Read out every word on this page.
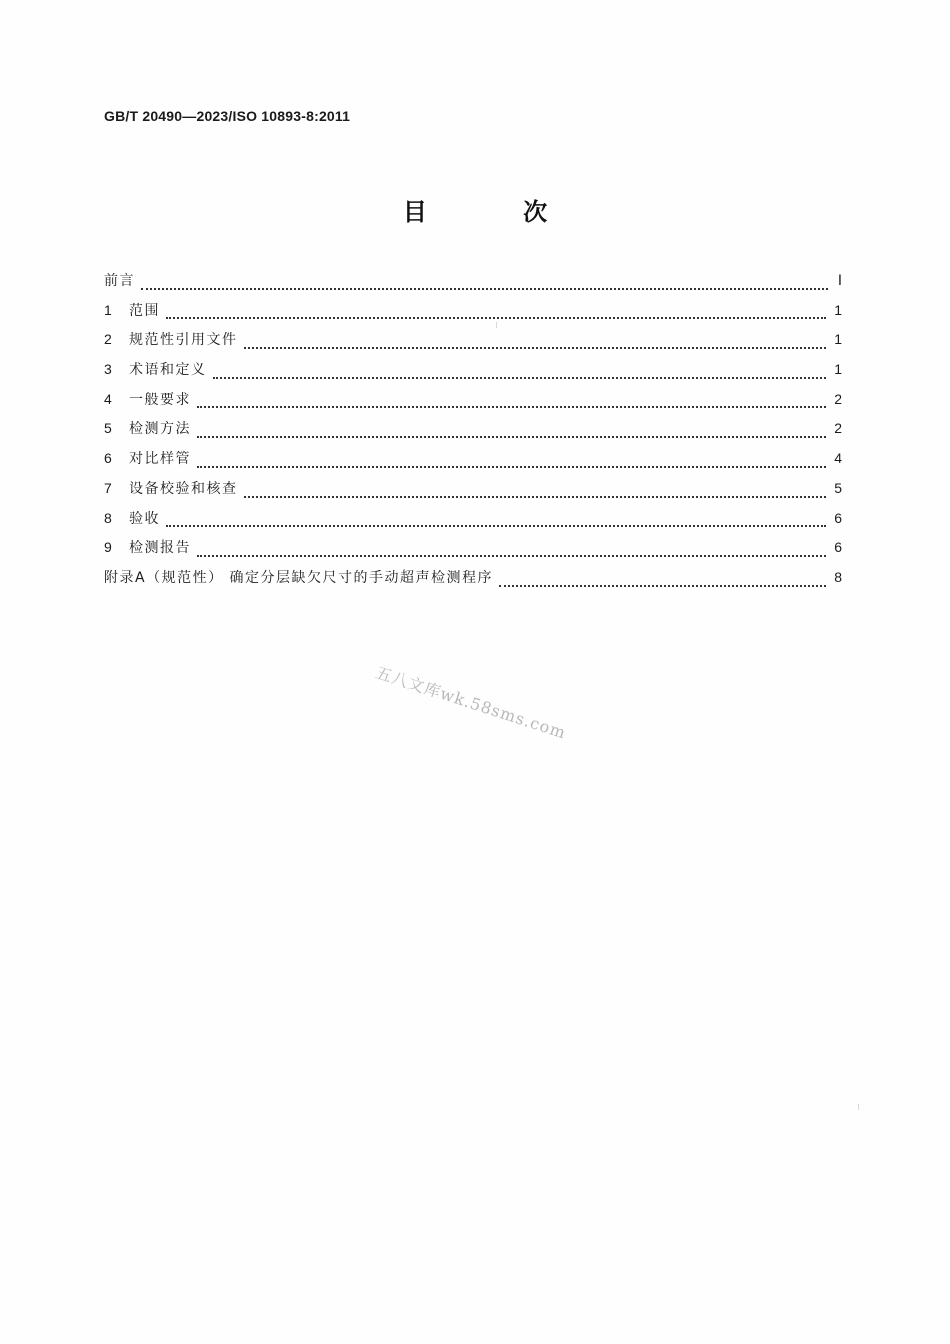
GB/T 20490—2023/ISO 10893-8:2011
目 次
前言	Ⅰ
1	范围	1
2	规范性引用文件	1
3	术语和定义	1
4	一般要求	2
5	检测方法	2
6	对比样管	4
7	设备校验和核查	5
8	验收	6
9	检测报告	6
附录A（规范性） 确定分层缺欠尺寸的手动超声检测程序	8
五八文库wk.58sms.com
